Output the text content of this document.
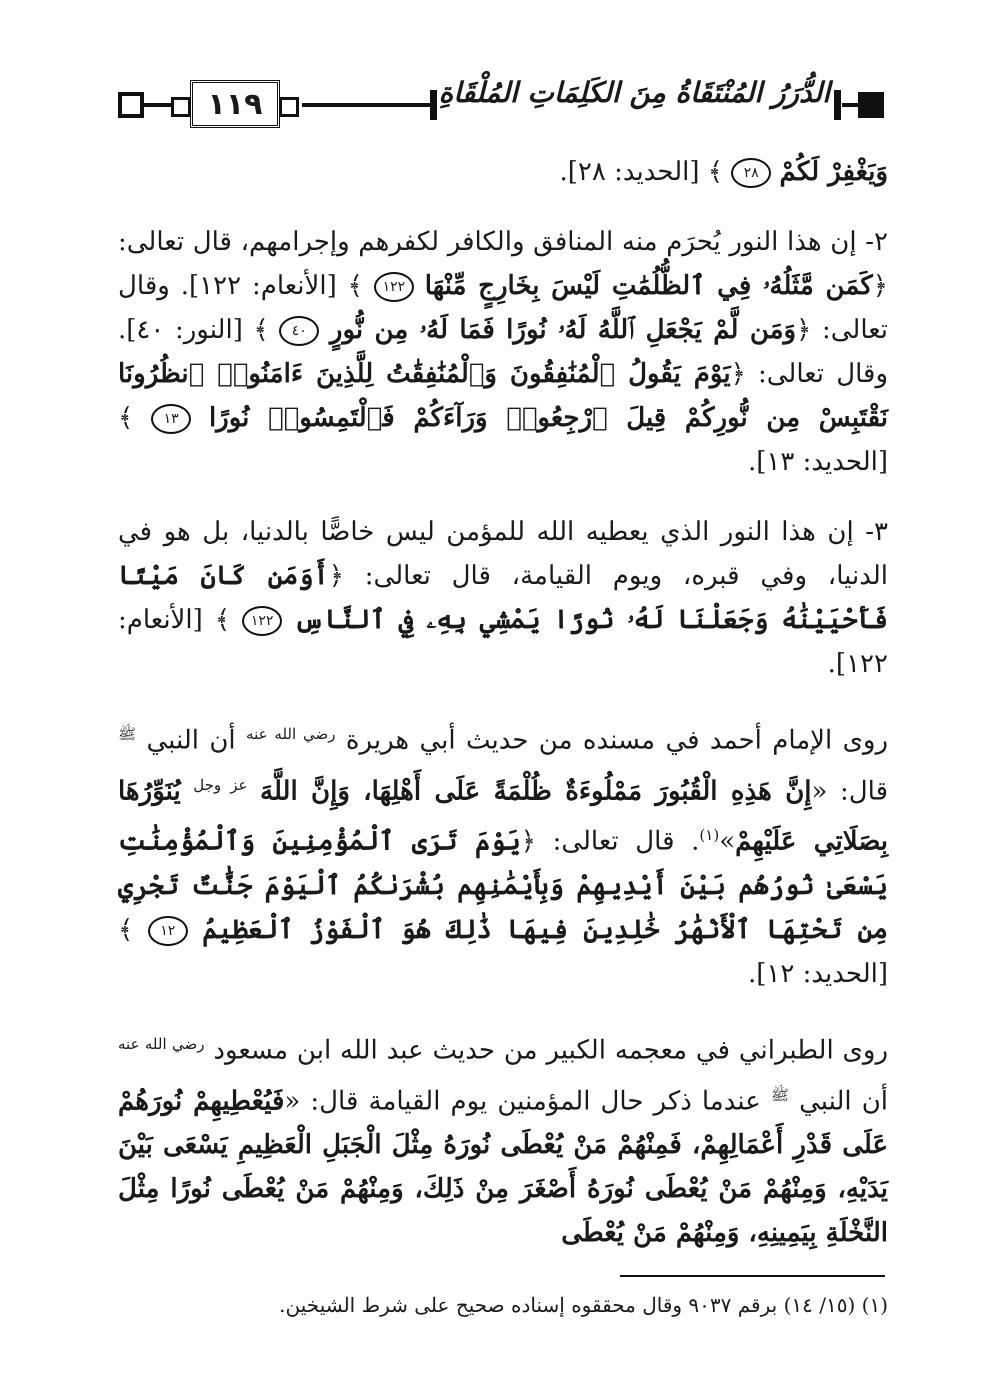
١١٩	الدُّرَرُ المُنْتَقَاةُ مِنَ الكَلِمَاتِ المُلْقَاةِ

وَيَغْفِرْ لَكُمْ ٢٨ ﴾ [الحديد: ٢٨].

٢- إن هذا النور يُحرَم منه المنافق والكافر لكفرهم وإجرامهم، قال تعالى: ﴿كَمَن مَّثَلُهُۥ فِي ٱلظُّلُمَٰتِ لَيْسَ بِخَارِجٍ مِّنْهَا ١٢٢ ﴾ [الأنعام: ١٢٢]. وقال تعالى: ﴿وَمَن لَّمْ يَجْعَلِ ٱللَّهُ لَهُۥ نُورًا فَمَا لَهُۥ مِن نُّورٍ ٤٠ ﴾ [النور: ٤٠]. وقال تعالى: ﴿يَوْمَ يَقُولُ ٱلْمُنَٰفِقُونَ وَٱلْمُنَٰفِقَٰتُ لِلَّذِينَ ءَامَنُوا۟ ٱنظُرُونَا نَقْتَبِسْ مِن نُّورِكُمْ قِيلَ ٱرْجِعُوا۟ وَرَآءَكُمْ فَٱلْتَمِسُوا۟ نُورًا ١٣ ﴾ [الحديد: ١٣].

٣- إن هذا النور الذي يعطيه الله للمؤمن ليس خاصًّا بالدنيا، بل هو في الدنيا، وفي قبره، ويوم القيامة، قال تعالى: ﴿أَوَمَن كَانَ مَيْتًا فَأَحْيَيْنَٰهُ وَجَعَلْنَا لَهُۥ نُورًا يَمْشِي بِهِۦ فِي ٱلنَّاسِ ١٢٢ ﴾ [الأنعام: ١٢٢].

روى الإمام أحمد في مسنده من حديث أبي هريرة $^{رضي الله عنه}$ أن النبي $^ﷺ$ قال: «إِنَّ هَذِهِ الْقُبُورَ مَمْلُوءَةٌ ظُلْمَةً عَلَى أَهْلِهَا، وَإِنَّ اللَّهَ $^{عز وجل}$ يُنَوِّرُهَا بِصَلَاتِي عَلَيْهِمْ»$^{(١)}$. قال تعالى: ﴿يَوْمَ تَرَى ٱلْمُؤْمِنِينَ وَٱلْمُؤْمِنَٰتِ يَسْعَىٰ نُورُهُم بَيْنَ أَيْدِيهِمْ وَبِأَيْمَٰنِهِم بُشْرَىٰكُمُ ٱلْيَوْمَ جَنَّٰتٌ تَجْرِي مِن تَحْتِهَا ٱلْأَنْهَٰرُ خَٰلِدِينَ فِيهَا ذَٰلِكَ هُوَ ٱلْفَوْزُ ٱلْعَظِيمُ ١٢ ﴾ [الحديد: ١٢].

روى الطبراني في معجمه الكبير من حديث عبد الله ابن مسعود $^{رضي الله عنه}$ أن النبي $^ﷺ$ عندما ذكر حال المؤمنين يوم القيامة قال: «فَيُعْطِيهِمْ نُورَهُمْ عَلَى قَدْرِ أَعْمَالِهِمْ، فَمِنْهُمْ مَنْ يُعْطَى نُورَهُ مِثْلَ الْجَبَلِ الْعَظِيمِ يَسْعَى بَيْنَ يَدَيْهِ، وَمِنْهُمْ مَنْ يُعْطَى نُورَهُ أَصْغَرَ مِنْ ذَلِكَ، وَمِنْهُمْ مَنْ يُعْطَى نُورًا مِثْلَ النَّخْلَةِ بِيَمِينِهِ، وَمِنْهُمْ مَنْ يُعْطَى

(١) (١٥/ ١٤) برقم ٩٠٣٧ وقال محققوه إسناده صحيح على شرط الشيخين.
